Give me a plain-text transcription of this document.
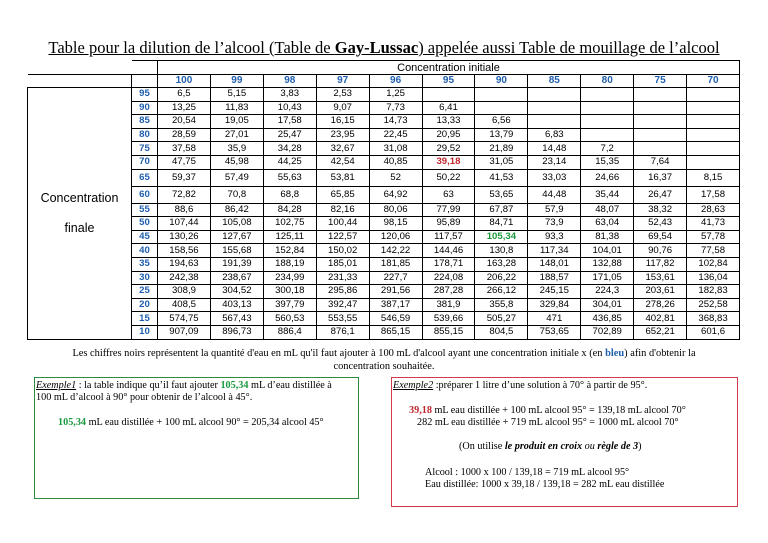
Table pour la dilution de l’alcool (Table de Gay-Lussac) appelée aussi Table de mouillage de l’alcool
		Concentration initiale										
		100	99	98	97	96	95	90	85	80	75	70

Concentration
finale	95	6,5	5,15	3,83	2,53	1,25						
	90	13,25	11,83	10,43	9,07	7,73	6,41					
	85	20,54	19,05	17,58	16,15	14,73	13,33	6,56				
	80	28,59	27,01	25,47	23,95	22,45	20,95	13,79	6,83			
	75	37,58	35,9	34,28	32,67	31,08	29,52	21,89	14,48	7,2		
	70	47,75	45,98	44,25	42,54	40,85	39,18	31,05	23,14	15,35	7,64	
	65	59,37	57,49	55,63	53,81	52	50,22	41,53	33,03	24,66	16,37	8,15
	60	72,82	70,8	68,8	65,85	64,92	63	53,65	44,48	35,44	26,47	17,58
	55	88,6	86,42	84,28	82,16	80,06	77,99	67,87	57,9	48,07	38,32	28,63
	50	107,44	105,08	102,75	100,44	98,15	95,89	84,71	73,9	63,04	52,43	41,73
	45	130,26	127,67	125,11	122,57	120,06	117,57	105,34	93,3	81,38	69,54	57,78
	40	158,56	155,68	152,84	150,02	142,22	144,46	130,8	117,34	104,01	90,76	77,58
	35	194,63	191,39	188,19	185,01	181,85	178,71	163,28	148,01	132,88	117,82	102,84
	30	242,38	238,67	234,99	231,33	227,7	224,08	206,22	188,57	171,05	153,61	136,04
	25	308,9	304,52	300,18	295,86	291,56	287,28	266,12	245,15	224,3	203,61	182,83
	20	408,5	403,13	397,79	392,47	387,17	381,9	355,8	329,84	304,01	278,26	252,58
	15	574,75	567,43	560,53	553,55	546,59	539,66	505,27	471	436,85	402,81	368,83
	10	907,09	896,73	886,4	876,1	865,15	855,15	804,5	753,65	702,89	652,21	601,6
Les chiffres noirs représentent la quantité d'eau en mL qu'il faut ajouter à 100 mL d'alcool ayant une concentration initiale x (en bleu) afin d'obtenir la concentration souhaitée.
Exemple1 : la table indique qu’il faut ajouter 105,34 mL d’eau distillée à
100 mL d’alcool à 90° pour obtenir de l’alcool à 45°.
105,34 mL eau distillée + 100 mL alcool 90° = 205,34 alcool 45°
Exemple2 :préparer 1 litre d’une solution à 70° à partir de 95°.
39,18 mL eau distillée + 100 mL alcool 95° = 139,18 mL alcool 70°
282 mL eau distillée + 719 mL alcool 95° = 1000 mL alcool 70°
(On utilise le produit en croix ou règle de 3)
Alcool : 1000 x 100 / 139,18 = 719 mL alcool 95°
Eau distillée: 1000 x 39,18 / 139,18 = 282 mL eau distillée
